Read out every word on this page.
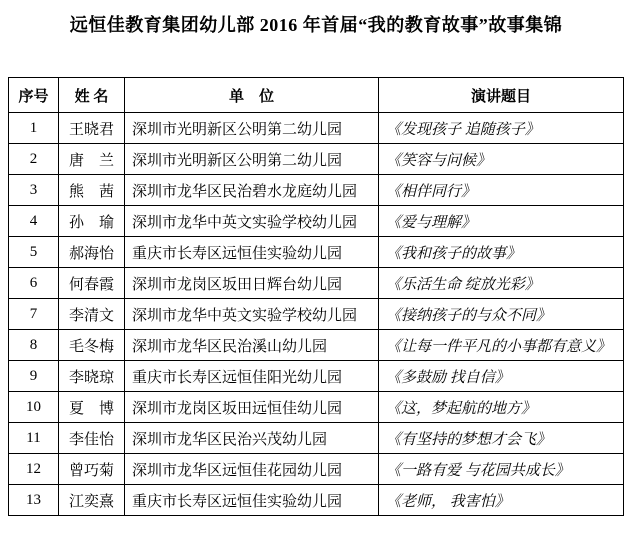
远恒佳教育集团幼儿部 2016 年首届“我的教育故事”故事集锦
序号	姓 名	单　位	演讲题目
1	王晓君	深圳市光明新区公明第二幼儿园	《发现孩子 追随孩子》
2	唐　兰	深圳市光明新区公明第二幼儿园	《笑容与问候》
3	熊　茜	深圳市龙华区民治碧水龙庭幼儿园	《相伴同行》
4	孙　瑜	深圳市龙华中英文实验学校幼儿园	《爱与理解》
5	郝海怡	重庆市长寿区远恒佳实验幼儿园	《我和孩子的故事》
6	何春霞	深圳市龙岗区坂田日辉台幼儿园	《乐活生命 绽放光彩》
7	李清文	深圳市龙华中英文实验学校幼儿园	《接纳孩子的与众不同》
8	毛冬梅	深圳市龙华区民治溪山幼儿园	《让每一件平凡的小事都有意义》
9	李晓琼	重庆市长寿区远恒佳阳光幼儿园	《多鼓励 找自信》
10	夏　博	深圳市龙岗区坂田远恒佳幼儿园	《这，梦起航的地方》
11	李佳怡	深圳市龙华区民治兴茂幼儿园	《有坚持的梦想才会飞》
12	曾巧菊	深圳市龙华区远恒佳花园幼儿园	《一路有爱 与花园共成长》
13	江奕熹	重庆市长寿区远恒佳实验幼儿园	《老师， 我害怕》
